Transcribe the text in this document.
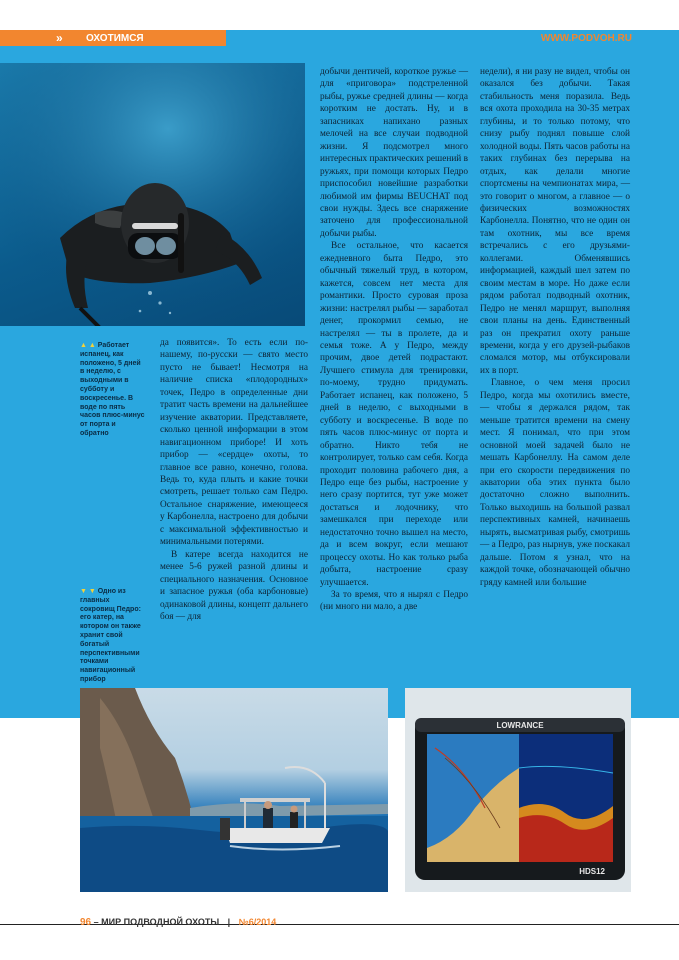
» ОХОТИМСЯ	WWW.PODVOH.RU
▲ ▲ Работает испанец, как положено, 5 дней в неделю, с выходными в субботу и воскресенье. В воде по пять часов плюс-минус от порта и обратно
▼ ▼ Одно из главных сокровищ Педро: его катер, на котором он также хранит свой богатый перспективными точками навигационный прибор

да появится». То есть если по-нашему, по-русски — свято место пусто не бывает! Несмотря на наличие списка «плодородных» точек, Педро в определенные дни тратит часть времени на дальнейшее изучение акватории. Представляете, сколько ценной информации в этом навигационном приборе! И хоть прибор — «сердце» охоты, то главное все равно, конечно, голова. Ведь то, куда плыть и какие точки смотреть, решает только сам Педро. Остальное снаряжение, имеющееся у Карбонелла, настроено для добычи с максимальной эффективностью и минимальными потерями.

В катере всегда находится не менее 5-6 ружей разной длины и специального назначения. Основное и запасное ружья (оба карбоновые) одинаковой длины, концепт дальнего боя — для

добычи дентичей, короткое ружье — для «приговора» подстреленной рыбы, ружье средней длины — когда коротким не достать. Ну, и в запасниках напихано разных мелочей на все случаи подводной жизни. Я подсмотрел много интересных практических решений в ружьях, при помощи которых Педро приспособил новейшие разработки любимой им фирмы BEUCHAT под свои нужды. Здесь все снаряжение заточено для профессиональной добычи рыбы.

Все остальное, что касается ежедневного быта Педро, это обычный тяжелый труд, в котором, кажется, совсем нет места для романтики. Просто суровая проза жизни: настрелял рыбы — заработал денег, прокормил семью, не настрелял — ты в пролете, да и семья тоже. А у Педро, между прочим, двое детей подрастают. Лучшего стимула для тренировки, по-моему, трудно придумать. Работает испанец, как положено, 5 дней в неделю, с выходными в субботу и воскресенье. В воде по пять часов плюс-минус от порта и обратно. Никто тебя не контролирует, только сам себя. Когда проходит половина рабочего дня, а Педро еще без рыбы, настроение у него сразу портится, тут уже может достаться и лодочнику, что замешкался при переходе или недостаточно точно вышел на место, да и всем вокруг, если мешают процессу охоты. Но как только рыба добыта, настроение сразу улучшается.

За то время, что я нырял с Педро (ни много ни мало, а две

недели), я ни разу не видел, чтобы он оказался без добычи. Такая стабильность меня поразила. Ведь вся охота проходила на 30-35 метрах глубины, и то только потому, что снизу рыбу поднял повыше слой холодной воды. Пять часов работы на таких глубинах без перерыва на отдых, как делали многие спортсмены на чемпионатах мира, — это говорит о многом, а главное — о физических возможностях Карбонелла. Понятно, что не один он там охотник, мы все время встречались с его друзьями-коллегами. Обменявшись информацией, каждый шел затем по своим местам в море. Но даже если рядом работал подводный охотник, Педро не менял маршрут, выполняя свои планы на день. Единственный раз он прекратил охоту раньше времени, когда у его друзей-рыбаков сломался мотор, мы отбуксировали их в порт.

Главное, о чем меня просил Педро, когда мы охотились вместе, — чтобы я держался рядом, так меньше тратится времени на смену мест. Я понимал, что при этом основной моей задачей было не мешать Карбонеллу. На самом деле при его скорости передвижения по акватории оба этих пункта было достаточно сложно выполнить. Только выходишь на большой развал перспективных камней, начинаешь нырять, высматривая рыбу, смотришь — а Педро, раз нырнув, уже поскакал дальше. Потом я узнал, что на каждой точке, обозначающей обычно гряду камней или большие

LOWRANCE
HDS12
96 – МИР ПОДВОДНОЙ ОХОТЫ | №6/2014
